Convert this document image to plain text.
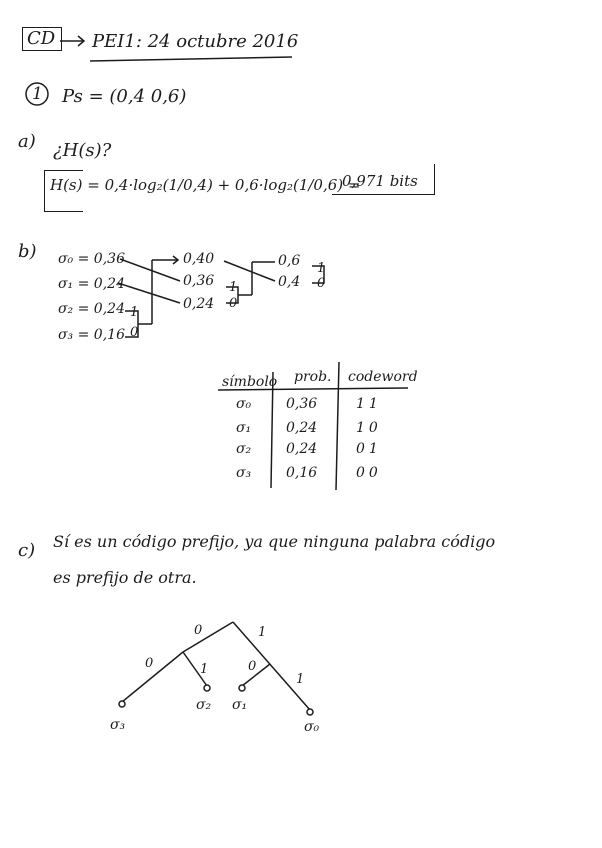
CD PEI1: 24 octubre 2016
1 Ps = (0,4 0,6)
a) ¿H(s)?
H(s) = 0,4·log₂(1/0,4) + 0,6·log₂(1/0,6) =
0,971 bits
b) σ₀ = 0,36
σ₁ = 0,24
σ₂ = 0,24
σ₃ = 0,16
0,40
0,36
0,24
0,6
0,4
1
0
1
0
1
0
símbolo prob. codeword
σ₀ 0,36	11
σ₁ 0,24	10
σ₂ 0,24	01
σ₃ 0,16	00
c) Sí es un código prefijo, ya que ninguna palabra código
es prefijo de otra.
0	1
0	1	0
1
σ₃
σ₂ σ₁
σ₀
